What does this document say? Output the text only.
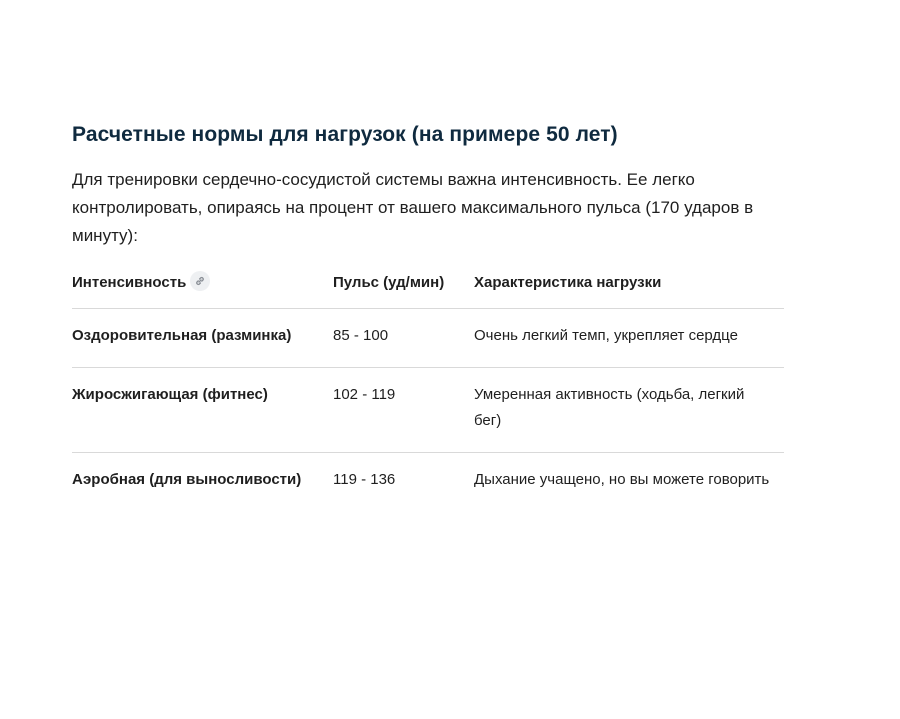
Расчетные нормы для нагрузок (на примере 50 лет)

Для тренировки сердечно-сосудистой системы важна интенсивность. Ее легко контролировать, опираясь на процент от вашего максимального пульса (170 ударов в минуту):

Интенсивность	Пульс (уд/мин)	Характеристика нагрузки
Оздоровительная (разминка)	85 - 100	Очень легкий темп, укрепляет сердце
Жиросжигающая (фитнес)	102 - 119	Умеренная активность (ходьба, легкий бег)
Аэробная (для выносливости)	119 - 136	Дыхание учащено, но вы можете говорить
